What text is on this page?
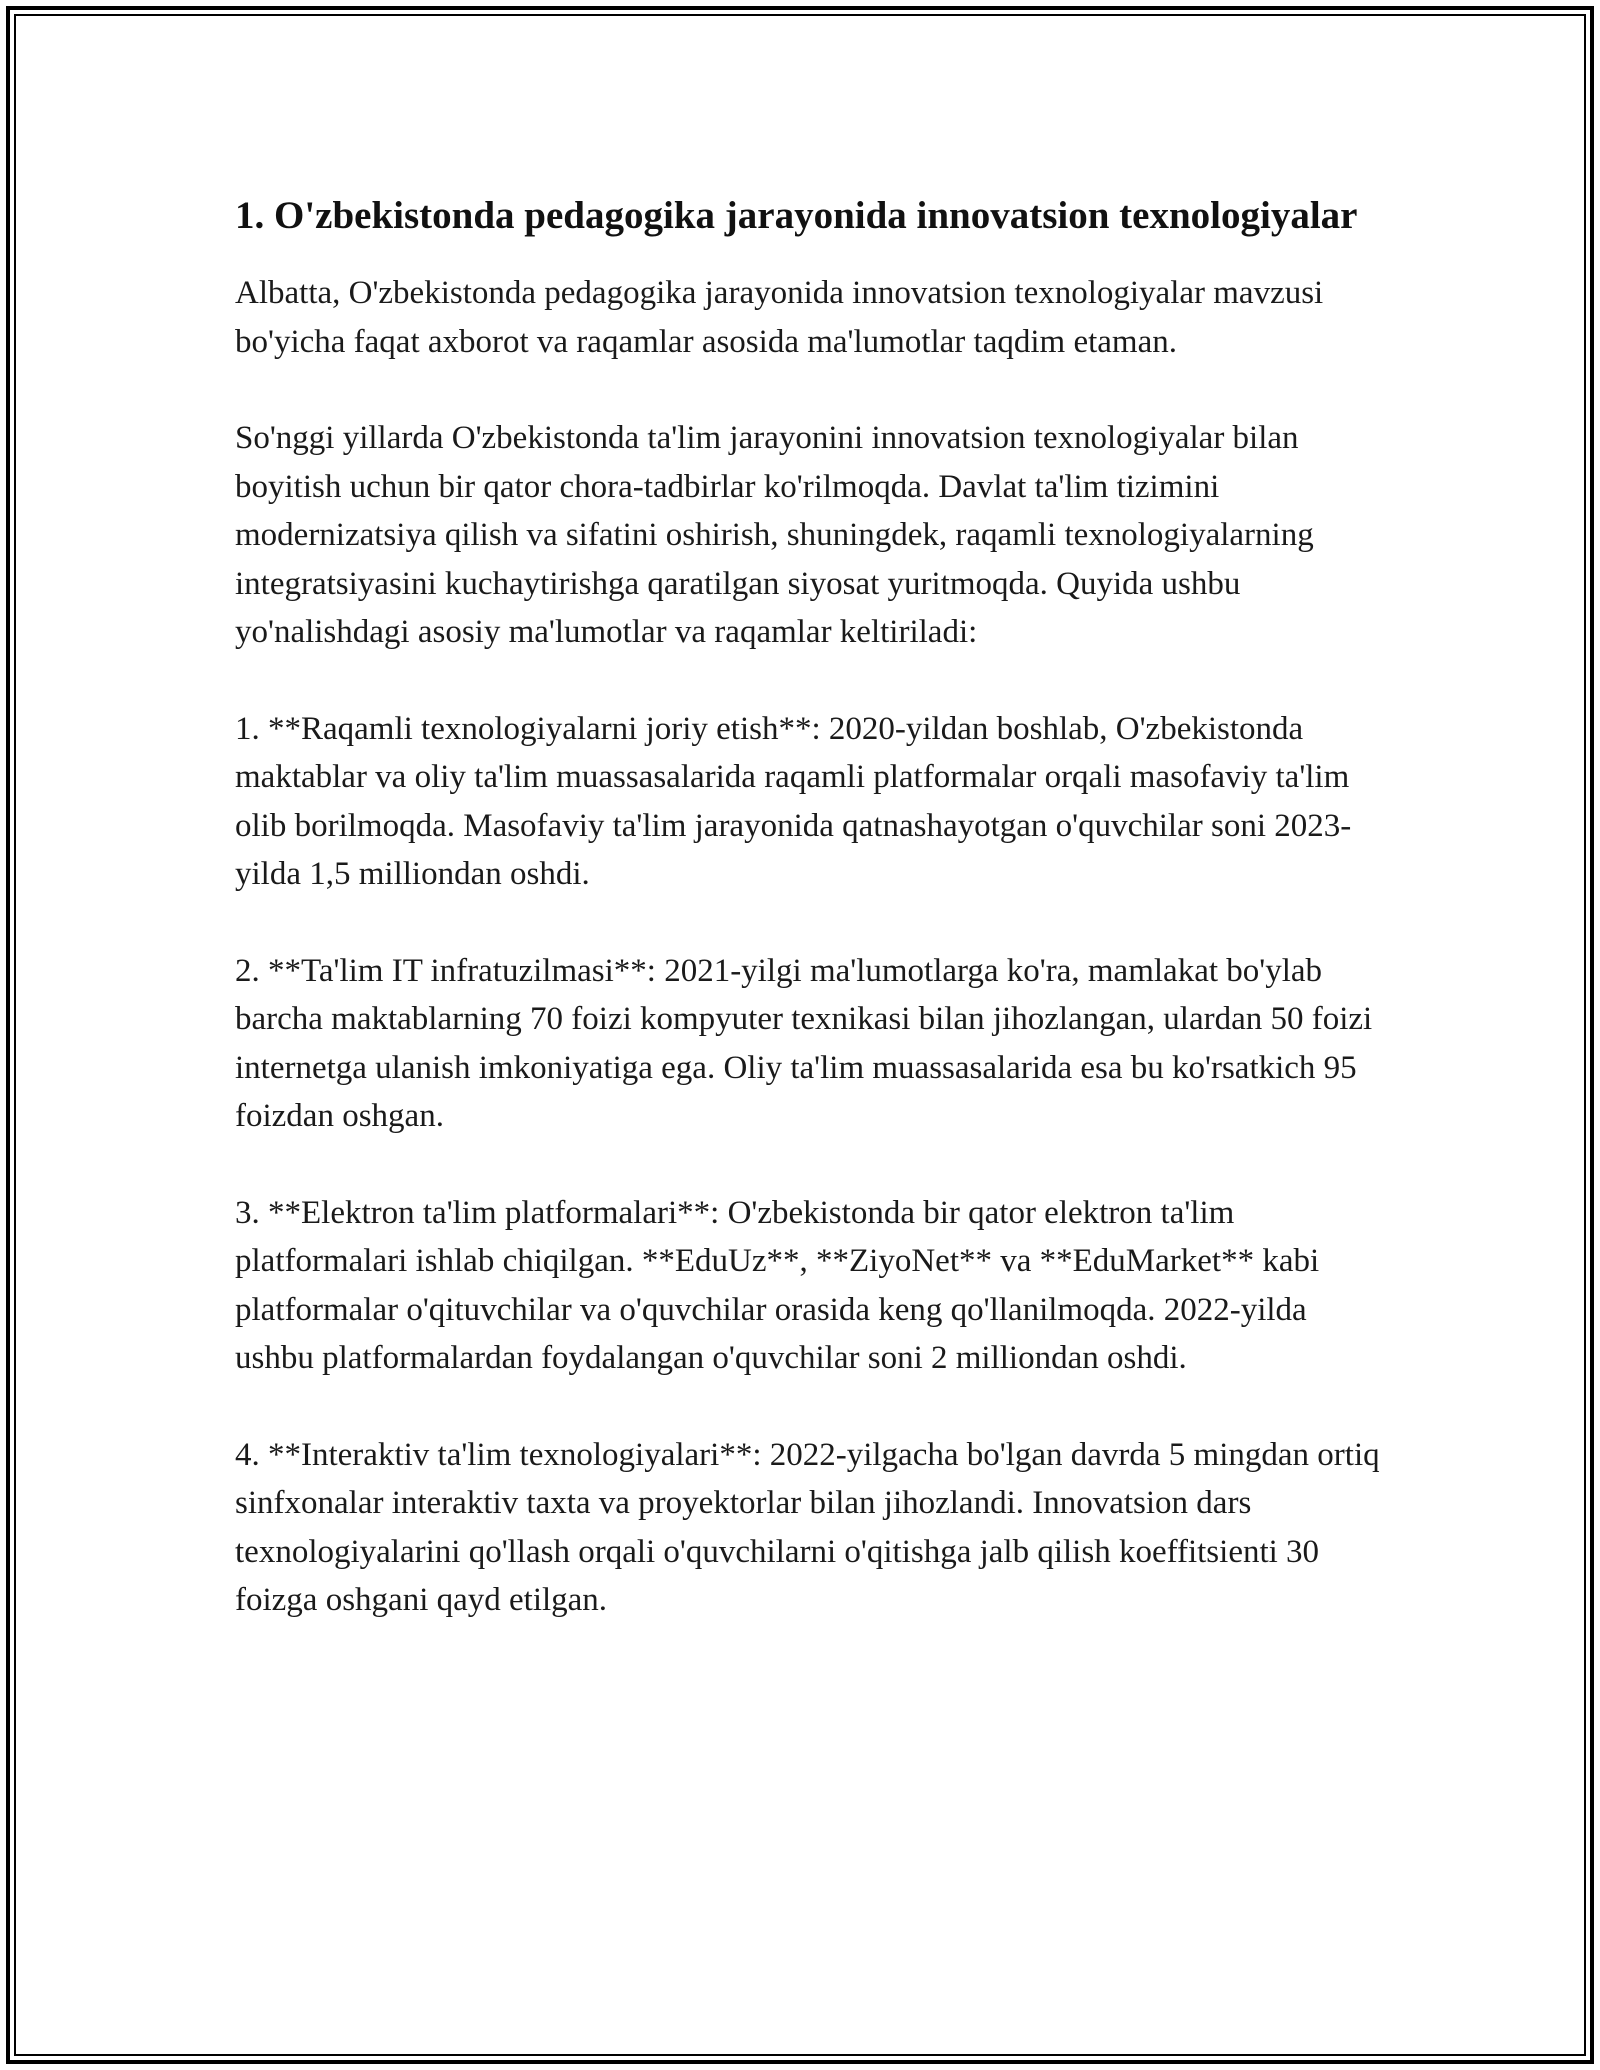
1. O'zbekistonda pedagogika jarayonida innovatsion texnologiyalar

Albatta, O'zbekistonda pedagogika jarayonida innovatsion texnologiyalar mavzusi bo'yicha faqat axborot va raqamlar asosida ma'lumotlar taqdim etaman.

So'nggi yillarda O'zbekistonda ta'lim jarayonini innovatsion texnologiyalar bilan boyitish uchun bir qator chora-tadbirlar ko'rilmoqda. Davlat ta'lim tizimini modernizatsiya qilish va sifatini oshirish, shuningdek, raqamli texnologiyalarning integratsiyasini kuchaytirishga qaratilgan siyosat yuritmoqda. Quyida ushbu yo'nalishdagi asosiy ma'lumotlar va raqamlar keltiriladi:

1. **Raqamli texnologiyalarni joriy etish**: 2020-yildan boshlab, O'zbekistonda maktablar va oliy ta'lim muassasalarida raqamli platformalar orqali masofaviy ta'lim olib borilmoqda. Masofaviy ta'lim jarayonida qatnashayotgan o'quvchilar soni 2023-yilda 1,5 milliondan oshdi.

2. **Ta'lim IT infratuzilmasi**: 2021-yilgi ma'lumotlarga ko'ra, mamlakat bo'ylab barcha maktablarning 70 foizi kompyuter texnikasi bilan jihozlangan, ulardan 50 foizi internetga ulanish imkoniyatiga ega. Oliy ta'lim muassasalarida esa bu ko'rsatkich 95 foizdan oshgan.

3. **Elektron ta'lim platformalari**: O'zbekistonda bir qator elektron ta'lim platformalari ishlab chiqilgan. **EduUz**, **ZiyoNet** va **EduMarket** kabi platformalar o'qituvchilar va o'quvchilar orasida keng qo'llanilmoqda. 2022-yilda ushbu platformalardan foydalangan o'quvchilar soni 2 milliondan oshdi.

4. **Interaktiv ta'lim texnologiyalari**: 2022-yilgacha bo'lgan davrda 5 mingdan ortiq sinfxonalar interaktiv taxta va proyektorlar bilan jihozlandi. Innovatsion dars texnologiyalarini qo'llash orqali o'quvchilarni o'qitishga jalb qilish koeffitsienti 30 foizga oshgani qayd etilgan.
